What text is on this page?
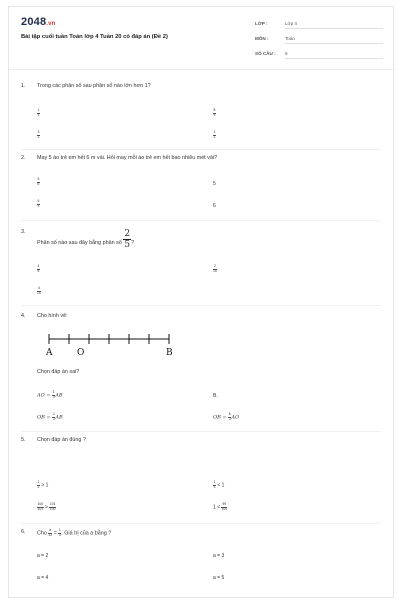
2048.vn
Bài tập cuối tuần Toán lớp 4 Tuần 20 có đáp án (Đề 2)
LỚP :	Lớp 4
MÔN :	Toán
SỐ CÂU : 6
1. Trong các phân số sau phân số nào lớn hơn 1?
$\frac{1}{3}$	$\frac{8}{9}$
$\frac{3}{2}$	$\frac{1}{2}$
2. May 5 áo trẻ em hết 6 m vải. Hỏi may mỗi áo trẻ em hết bao nhiêu mét vải?
$\frac{5}{6}$	5
$\frac{6}{5}$	6
3.
Phân số nào sau đây bằng phân số $\frac{2}{5}$?
$\frac{4}{5}$	$\frac{2}{15}$
$\frac{4}{10}$
4. Cho hình vẽ:
A	O	B
Chọn đáp án sai?
AO = $\frac{1}{3}$ AB	B.
OB = $\frac{2}{3}$ AB	OB = $\frac{4}{3}$ AO
5. Chọn đáp án đúng ?
$\frac{1}{2} > 1$	$\frac{1}{3} < 1$
$\frac{100}{101} > \frac{101}{100}$	$1 < \frac{99}{100}$
6. Cho $\frac{a}{12} = \frac{1}{3}$ . Giá trị của a bằng ?
a = 2	a = 3
a = 4	a = 5
